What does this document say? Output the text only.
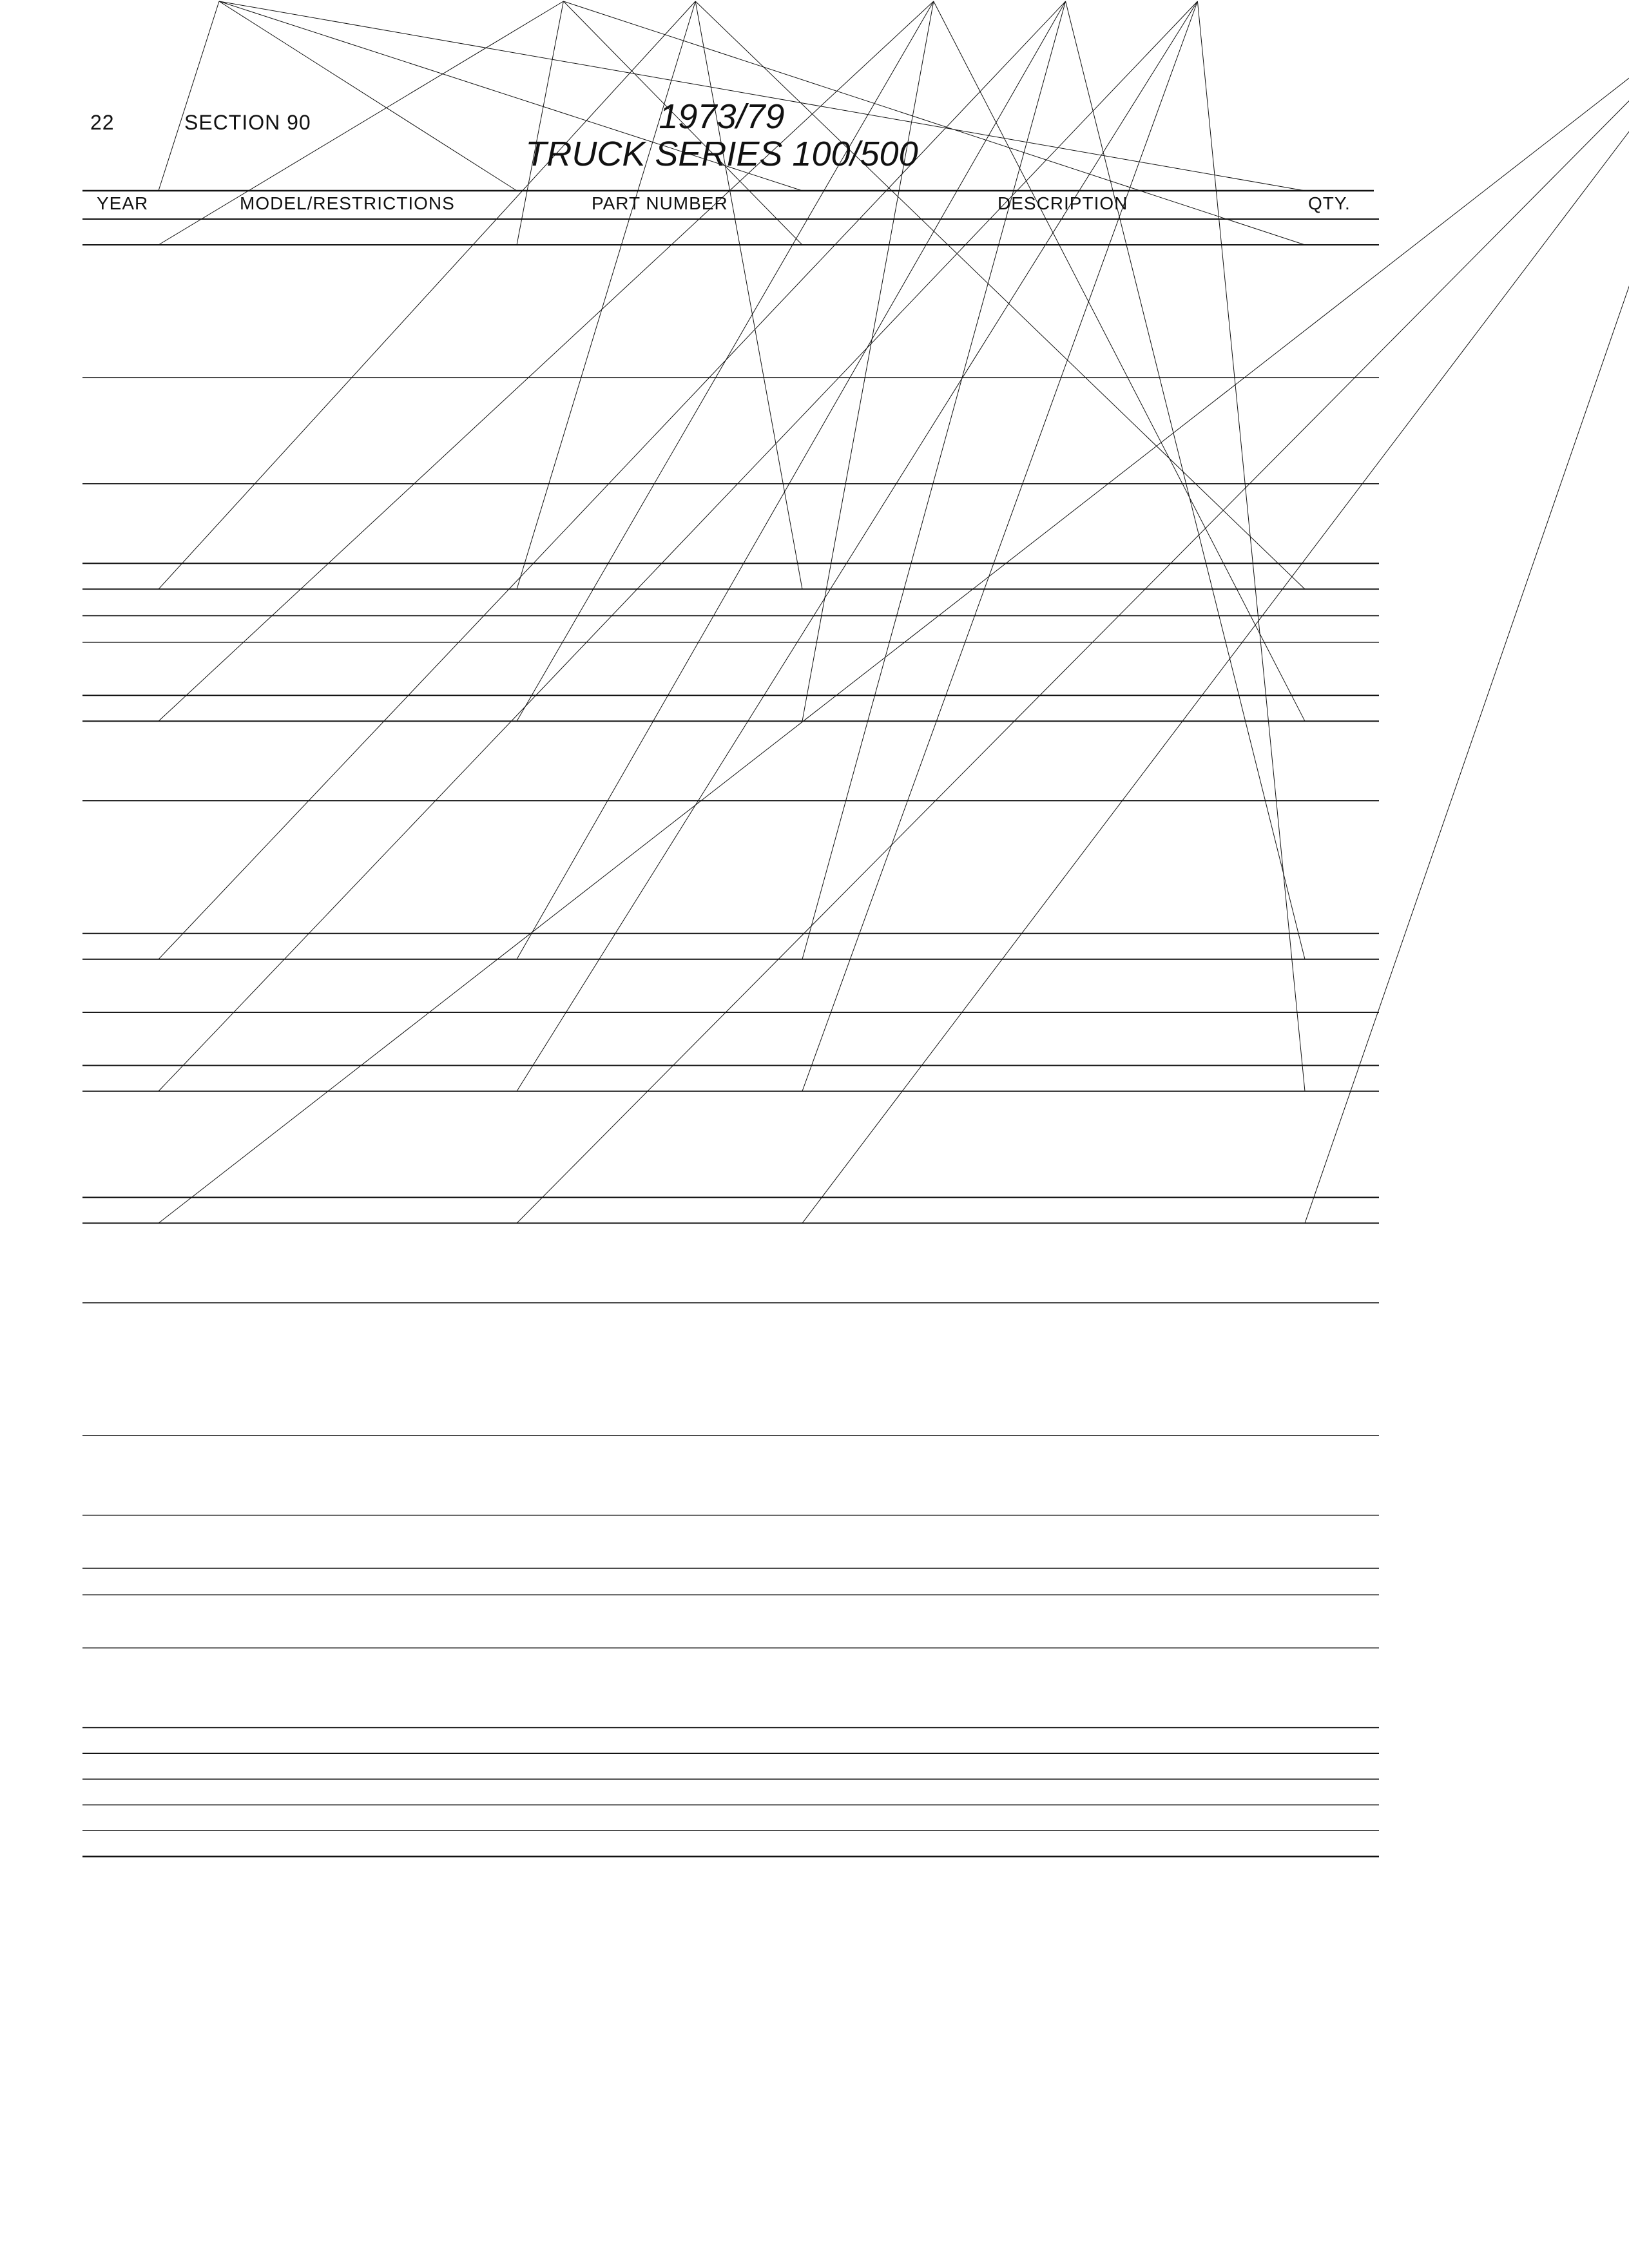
22	SECTION 90	1973/79
TRUCK SERIES 100/500
YEAR	MODEL/RESTRICTIONS	PART NUMBER	DESCRIPTION	QTY.
